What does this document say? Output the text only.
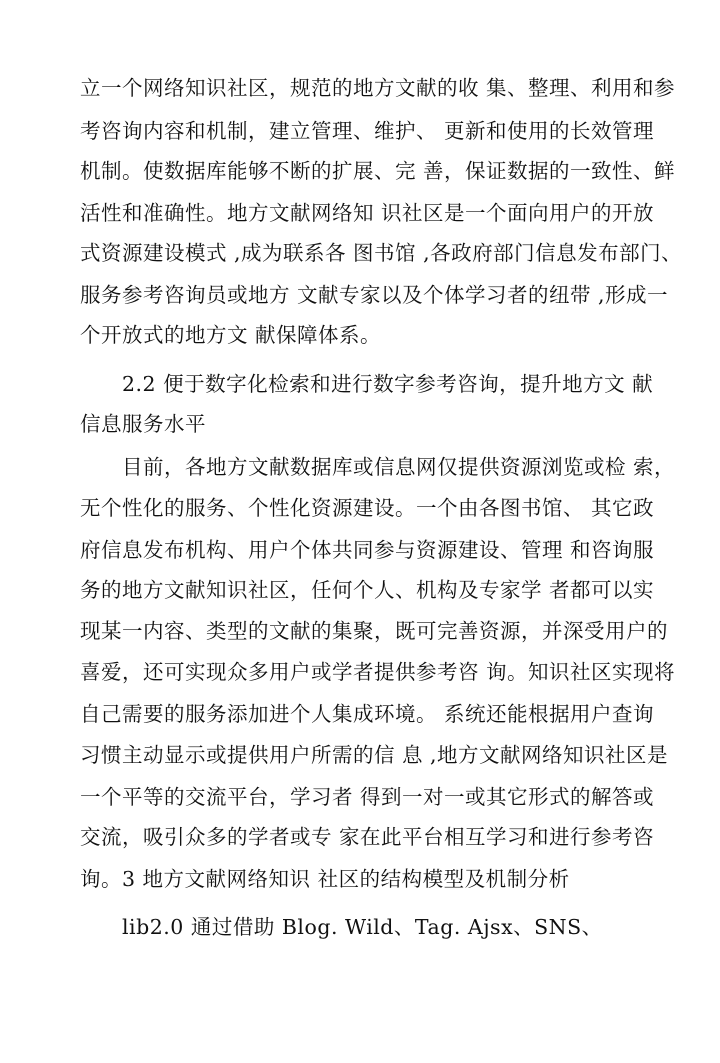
立一个网络知识社区，规范的地方文献的收 集、整理、利用和参
考咨询内容和机制，建立管理、维护、 更新和使用的长效管理
机制。使数据库能够不断的扩展、完 善，保证数据的一致性、鲜
活性和准确性。地方文献网络知 识社区是一个面向用户的开放
式资源建设模式 ,成为联系各 图书馆 ,各政府部门信息发布部门、
服务参考咨询员或地方 文献专家以及个体学习者的纽带 ,形成一
个开放式的地方文 献保障体系。
2.2 便于数字化检索和进行数字参考咨询，提升地方文 献
信息服务水平
目前，各地方文献数据库或信息网仅提供资源浏览或检 索，
无个性化的服务、个性化资源建设。一个由各图书馆、 其它政
府信息发布机构、用户个体共同参与资源建设、管理 和咨询服
务的地方文献知识社区，任何个人、机构及专家学 者都可以实
现某一内容、类型的文献的集聚，既可完善资源，并深受用户的
喜爱，还可实现众多用户或学者提供参考咨 询。知识社区实现将
自己需要的服务添加进个人集成环境。 系统还能根据用户查询
习惯主动显示或提供用户所需的信 息 ,地方文献网络知识社区是
一个平等的交流平台，学习者 得到一对一或其它形式的解答或
交流，吸引众多的学者或专 家在此平台相互学习和进行参考咨
询。3 地方文献网络知识 社区的结构模型及机制分析
lib2.0 通过借助 Blog. Wild、Tag. Ajsx、SNS、
